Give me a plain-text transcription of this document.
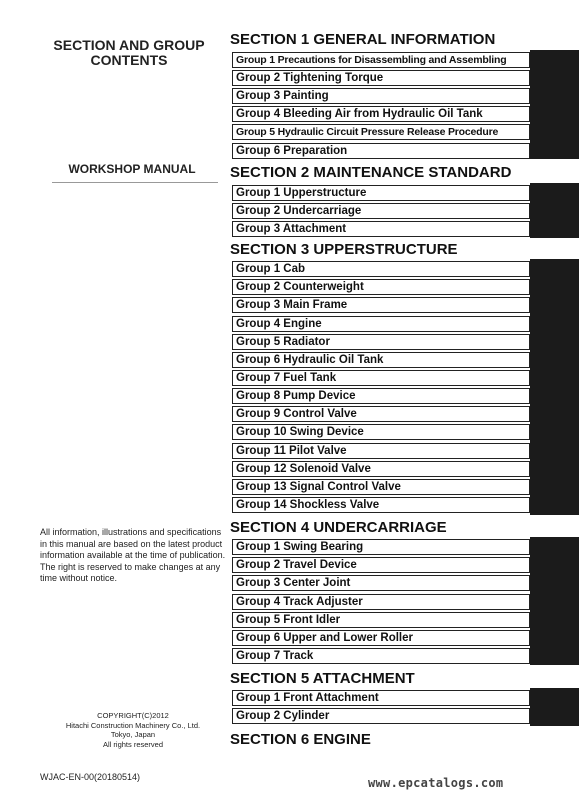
SECTION AND GROUP
CONTENTS
WORKSHOP MANUAL
All information, illustrations and specifications in this manual are based on the latest product information available at the time of publication. The right is reserved to make changes at any time without notice.
COPYRIGHT(C)2012
Hitachi Construction Machinery Co., Ltd.
Tokyo, Japan
All rights reserved
WJAC-EN-00(20180514)
SECTION 1 GENERAL INFORMATION
Group 1 Precautions for Disassembling and Assembling
Group 2 Tightening Torque
Group 3 Painting
Group 4 Bleeding Air from Hydraulic Oil Tank
Group 5 Hydraulic Circuit Pressure Release Procedure
Group 6 Preparation
SECTION 2 MAINTENANCE STANDARD
Group 1 Upperstructure
Group 2 Undercarriage
Group 3 Attachment
SECTION 3 UPPERSTRUCTURE
Group 1 Cab
Group 2 Counterweight
Group 3 Main Frame
Group 4 Engine
Group 5 Radiator
Group 6 Hydraulic Oil Tank
Group 7 Fuel Tank
Group 8 Pump Device
Group 9 Control Valve
Group 10 Swing Device
Group 11 Pilot Valve
Group 12 Solenoid Valve
Group 13 Signal Control Valve
Group 14 Shockless Valve
SECTION 4 UNDERCARRIAGE
Group 1 Swing Bearing
Group 2 Travel Device
Group 3 Center Joint
Group 4 Track Adjuster
Group 5 Front Idler
Group 6 Upper and Lower Roller
Group 7 Track
SECTION 5 ATTACHMENT
Group 1 Front Attachment
Group 2 Cylinder
SECTION 6 ENGINE
www.epcatalogs.com
